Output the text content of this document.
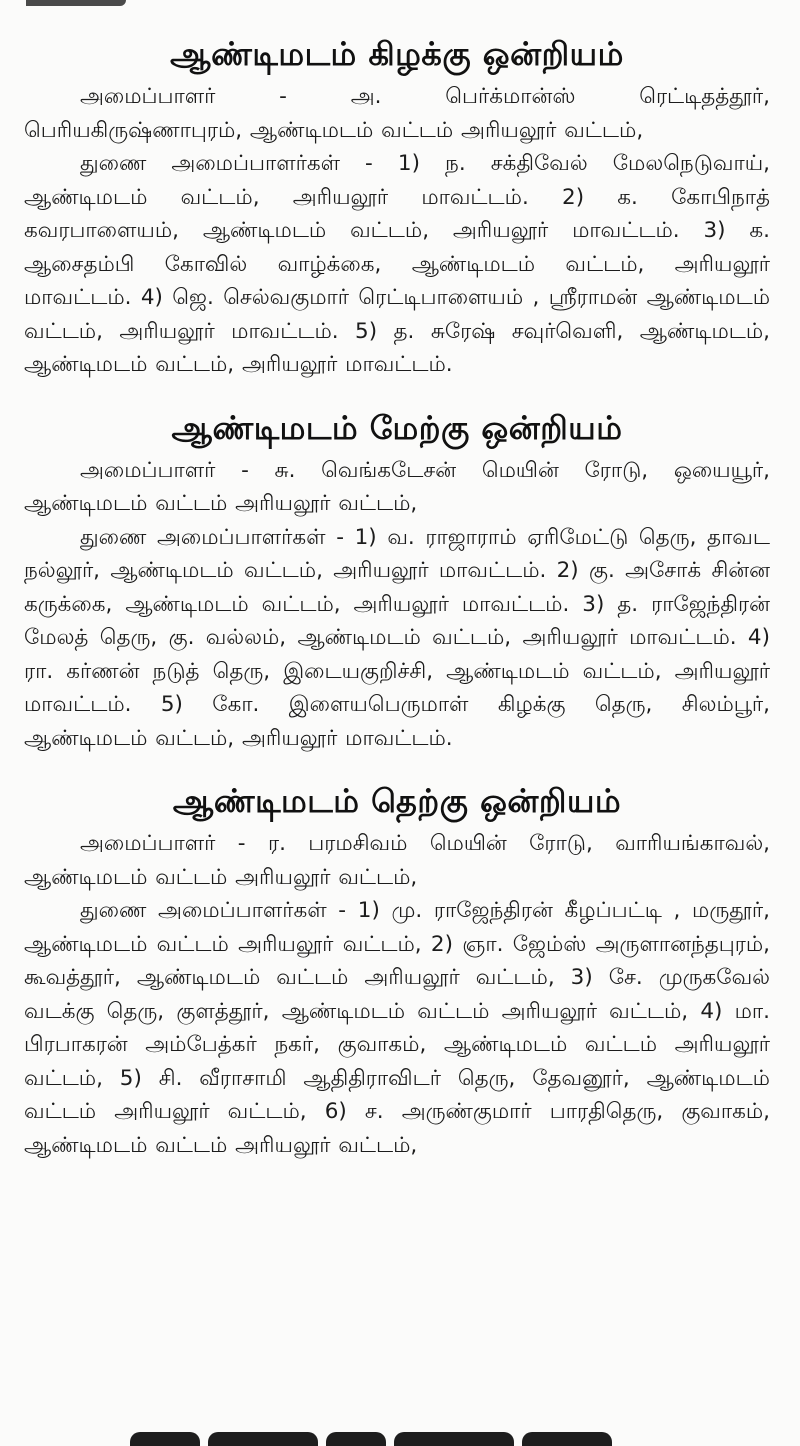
ஆண்டிமடம் கிழக்கு ஒன்றியம்

அமைப்பாளர் - அ. பெர்க்மான்ஸ் ரெட்டிதத்தூர், பெரியகிருஷ்ணாபுரம், ஆண்டிமடம் வட்டம் அரியலூர் வட்டம்,

துணை அமைப்பாளர்கள் - 1) ந. சக்திவேல் மேலநெடுவாய், ஆண்டிமடம் வட்டம், அரியலூர் மாவட்டம். 2) க. கோபிநாத் கவரபாளையம், ஆண்டிமடம் வட்டம், அரியலூர் மாவட்டம். 3) க. ஆசைதம்பி கோவில் வாழ்க்கை, ஆண்டிமடம் வட்டம், அரியலூர் மாவட்டம். 4) ஜெ. செல்வகுமார் ரெட்டிபாளையம் , ஸ்ரீராமன் ஆண்டிமடம் வட்டம், அரியலூர் மாவட்டம். 5) த. சுரேஷ் சவுர்வெளி, ஆண்டிமடம், ஆண்டிமடம் வட்டம், அரியலூர் மாவட்டம்.

ஆண்டிமடம் மேற்கு ஒன்றியம்

அமைப்பாளர் - சு. வெங்கடேசன் மெயின் ரோடு, ஒயையூர், ஆண்டிமடம் வட்டம் அரியலூர் வட்டம்,

துணை அமைப்பாளர்கள் - 1) வ. ராஜாராம் ஏரிமேட்டு தெரு, தாவட நல்லூர், ஆண்டிமடம் வட்டம், அரியலூர் மாவட்டம். 2) கு. அசோக் சின்ன கருக்கை, ஆண்டிமடம் வட்டம், அரியலூர் மாவட்டம். 3) த. ராஜேந்திரன் மேலத் தெரு, கு. வல்லம், ஆண்டிமடம் வட்டம், அரியலூர் மாவட்டம். 4) ரா. கர்ணன் நடுத் தெரு, இடையகுறிச்சி, ஆண்டிமடம் வட்டம், அரியலூர் மாவட்டம். 5) கோ. இளையபெருமாள் கிழக்கு தெரு, சிலம்பூர், ஆண்டிமடம் வட்டம், அரியலூர் மாவட்டம்.

ஆண்டிமடம் தெற்கு ஒன்றியம்

அமைப்பாளர் - ர. பரமசிவம் மெயின் ரோடு, வாரியங்காவல், ஆண்டிமடம் வட்டம் அரியலூர் வட்டம்,

துணை அமைப்பாளர்கள் - 1) மு. ராஜேந்திரன் கீழப்பட்டி , மருதூர், ஆண்டிமடம் வட்டம் அரியலூர் வட்டம், 2) ஞா. ஜேம்ஸ் அருளானந்தபுரம், கூவத்தூர், ஆண்டிமடம் வட்டம் அரியலூர் வட்டம், 3) சே. முருகவேல் வடக்கு தெரு, குளத்தூர், ஆண்டிமடம் வட்டம் அரியலூர் வட்டம், 4) மா. பிரபாகரன் அம்பேத்கர் நகர், குவாகம், ஆண்டிமடம் வட்டம் அரியலூர் வட்டம், 5) சி. வீராசாமி ஆதிதிராவிடர் தெரு, தேவனூர், ஆண்டிமடம் வட்டம் அரியலூர் வட்டம், 6) ச. அருண்குமார் பாரதிதெரு, குவாகம், ஆண்டிமடம் வட்டம் அரியலூர் வட்டம்,
